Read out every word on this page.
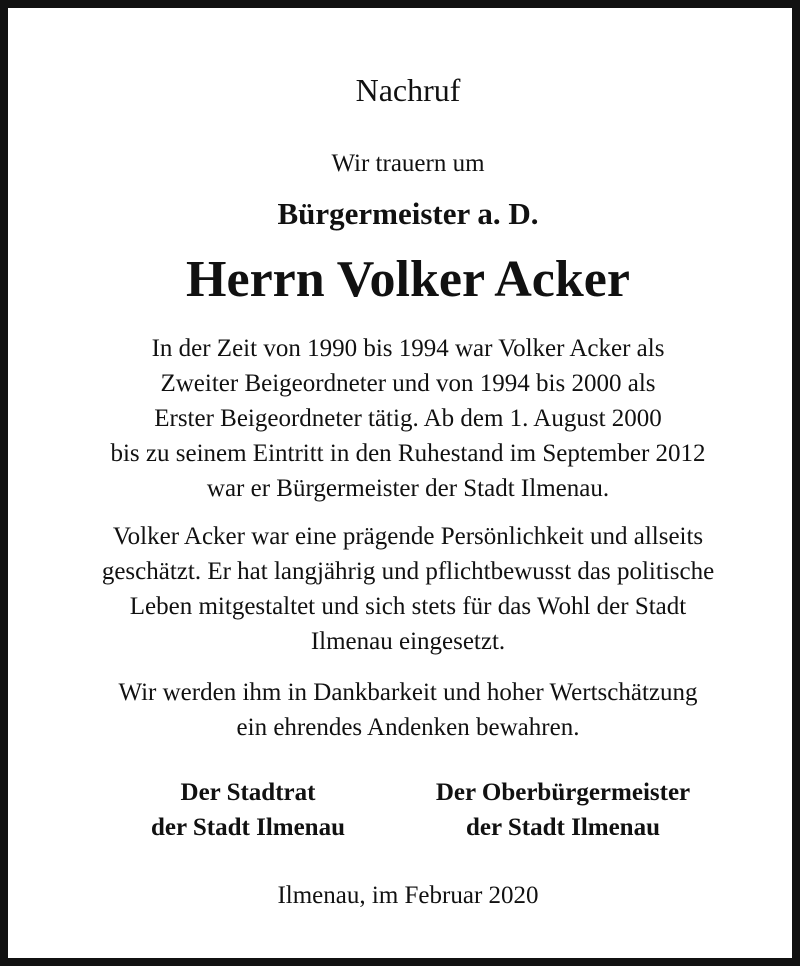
Nachruf
Wir trauern um
Bürgermeister a. D.
Herrn Volker Acker
In der Zeit von 1990 bis 1994 war Volker Acker als
Zweiter Beigeordneter und von 1994 bis 2000 als
Erster Beigeordneter tätig. Ab dem 1. August 2000
bis zu seinem Eintritt in den Ruhestand im September 2012
war er Bürgermeister der Stadt Ilmenau.
Volker Acker war eine prägende Persönlichkeit und allseits
geschätzt. Er hat langjährig und pflichtbewusst das politische
Leben mitgestaltet und sich stets für das Wohl der Stadt
Ilmenau eingesetzt.
Wir werden ihm in Dankbarkeit und hoher Wertschätzung
ein ehrendes Andenken bewahren.
Der Stadtrat
der Stadt Ilmenau
Der Oberbürgermeister
der Stadt Ilmenau
Ilmenau, im Februar 2020
